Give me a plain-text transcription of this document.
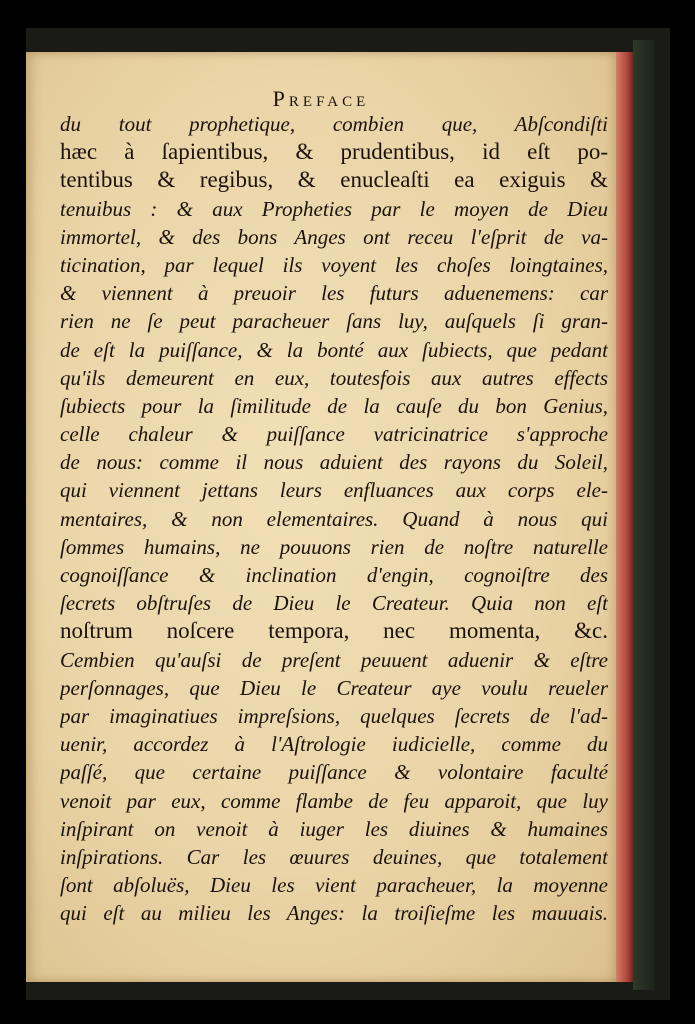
Preface
du tout prophetique, combien que, Abſcondiſti
hæc à ſapientibus, & prudentibus, id eſt po-
tentibus & regibus, & enucleaſti ea exiguis &
tenuibus : & aux Propheties par le moyen de Dieu
immortel, & des bons Anges ont receu l'eſprit de va-
ticination, par lequel ils voyent les choſes loingtaines,
& viennent à preuoir les futurs aduenemens: car
rien ne ſe peut paracheuer ſans luy, auſquels ſi gran-
de eſt la puiſſance, & la bonté aux ſubiects, que pedant
qu'ils demeurent en eux, toutesfois aux autres effects
ſubiects pour la ſimilitude de la cauſe du bon Genius,
celle chaleur & puiſſance vatricinatrice s'approche
de nous: comme il nous aduient des rayons du Soleil,
qui viennent jettans leurs enfluances aux corps ele-
mentaires, & non elementaires. Quand à nous qui
ſommes humains, ne pouuons rien de noſtre naturelle
cognoiſſance & inclination d'engin, cognoiſtre des
ſecrets obſtruſes de Dieu le Createur. Quia non eſt
noſtrum noſcere tempora, nec momenta, &c.
Cembien qu'auſsi de preſent peuuent aduenir & eſtre
perſonnages, que Dieu le Createur aye voulu reueler
par imaginatiues impreſsions, quelques ſecrets de l'ad-
uenir, accordez à l'Aſtrologie iudicielle, comme du
paſſé, que certaine puiſſance & volontaire faculté
venoit par eux, comme flambe de feu apparoit, que luy
inſpirant on venoit à iuger les diuines & humaines
inſpirations. Car les œuures deuines, que totalement
ſont abſoluës, Dieu les vient paracheuer, la moyenne
qui eſt au milieu les Anges: la troiſieſme les mauuais.
